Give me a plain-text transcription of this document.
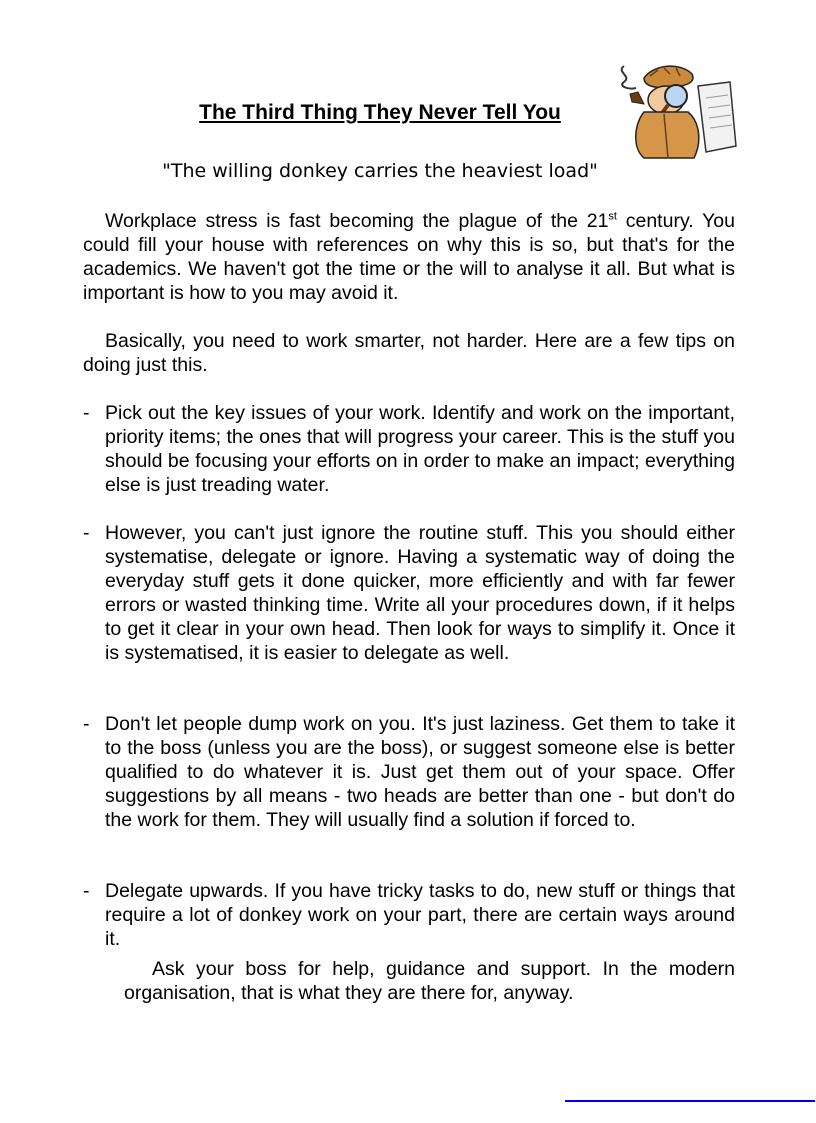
The Third Thing They Never Tell You
"The willing donkey carries the heaviest load"
Workplace stress is fast becoming the plague of the 21st century. You could fill your house with references on why this is so, but that's for the academics. We haven't got the time or the will to analyse it all. But what is important is how to you may avoid it.
Basically, you need to work smarter, not harder. Here are a few tips on doing just this.
- Pick out the key issues of your work. Identify and work on the important, priority items; the ones that will progress your career. This is the stuff you should be focusing your efforts on in order to make an impact; everything else is just treading water.
- However, you can't just ignore the routine stuff. This you should either systematise, delegate or ignore. Having a systematic way of doing the everyday stuff gets it done quicker, more efficiently and with far fewer errors or wasted thinking time. Write all your procedures down, if it helps to get it clear in your own head. Then look for ways to simplify it. Once it is systematised, it is easier to delegate as well.
- Don't let people dump work on you. It's just laziness. Get them to take it to the boss (unless you are the boss), or suggest someone else is better qualified to do whatever it is. Just get them out of your space. Offer suggestions by all means - two heads are better than one - but don't do the work for them. They will usually find a solution if forced to.
- Delegate upwards. If you have tricky tasks to do, new stuff or things that require a lot of donkey work on your part, there are certain ways around it.
Ask your boss for help, guidance and support. In the modern organisation, that is what they are there for, anyway.
